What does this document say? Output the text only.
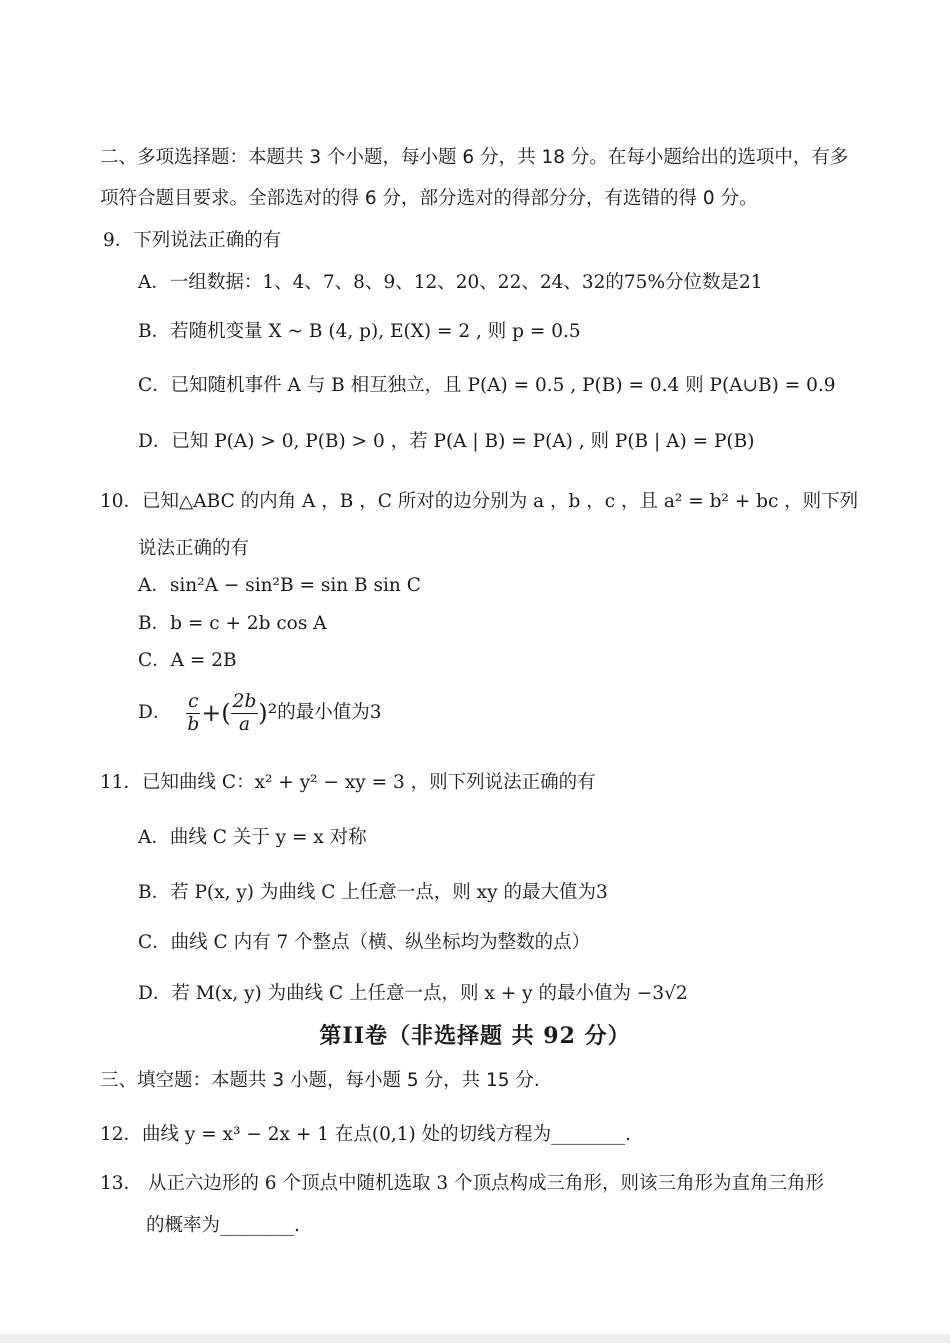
二、多项选择题：本题共 3 个小题，每小题 6 分，共 18 分。在每小题给出的选项中，有多
项符合题目要求。全部选对的得 6 分，部分选对的得部分分，有选错的得 0 分。
9．下列说法正确的有
A．一组数据：1、4、7、8、9、12、20、22、24、32的75%分位数是21
B．若随机变量 X ~ B (4, p), E(X) = 2 , 则 p = 0.5
C．已知随机事件 A 与 B 相互独立，且 P(A) = 0.5 , P(B) = 0.4 则 P(A∪B) = 0.9
D．已知 P(A) > 0, P(B) > 0 ，若 P(A | B) = P(A) , 则 P(B | A) = P(B)
10．已知△ABC 的内角 A ，B ，C 所对的边分别为 a ，b ，c ，且 a² = b² + bc ，则下列
说法正确的有
A．sin²A − sin²B = sin B sin C
B．b = c + 2b cos A
C．A = 2B
D． $\frac{c}{b}$ +( $\frac{2b}{a} )^2$ 的最小值为3
11．已知曲线 C：x² + y² − xy = 3 ，则下列说法正确的有
A．曲线 C 关于 y = x 对称
B．若 P(x, y) 为曲线 C 上任意一点，则 xy 的最大值为3
C．曲线 C 内有 7 个整点（横、纵坐标均为整数的点）
D．若 M(x, y) 为曲线 C 上任意一点，则 x + y 的最小值为 −3√2
第II卷（非选择题 共 92 分）
三、填空题：本题共 3 小题，每小题 5 分，共 15 分.
12．曲线 y = x³ − 2x + 1 在点(0,1) 处的切线方程为________.
13． 从正六边形的 6 个顶点中随机选取 3 个顶点构成三角形，则该三角形为直角三角形
的概率为________.
